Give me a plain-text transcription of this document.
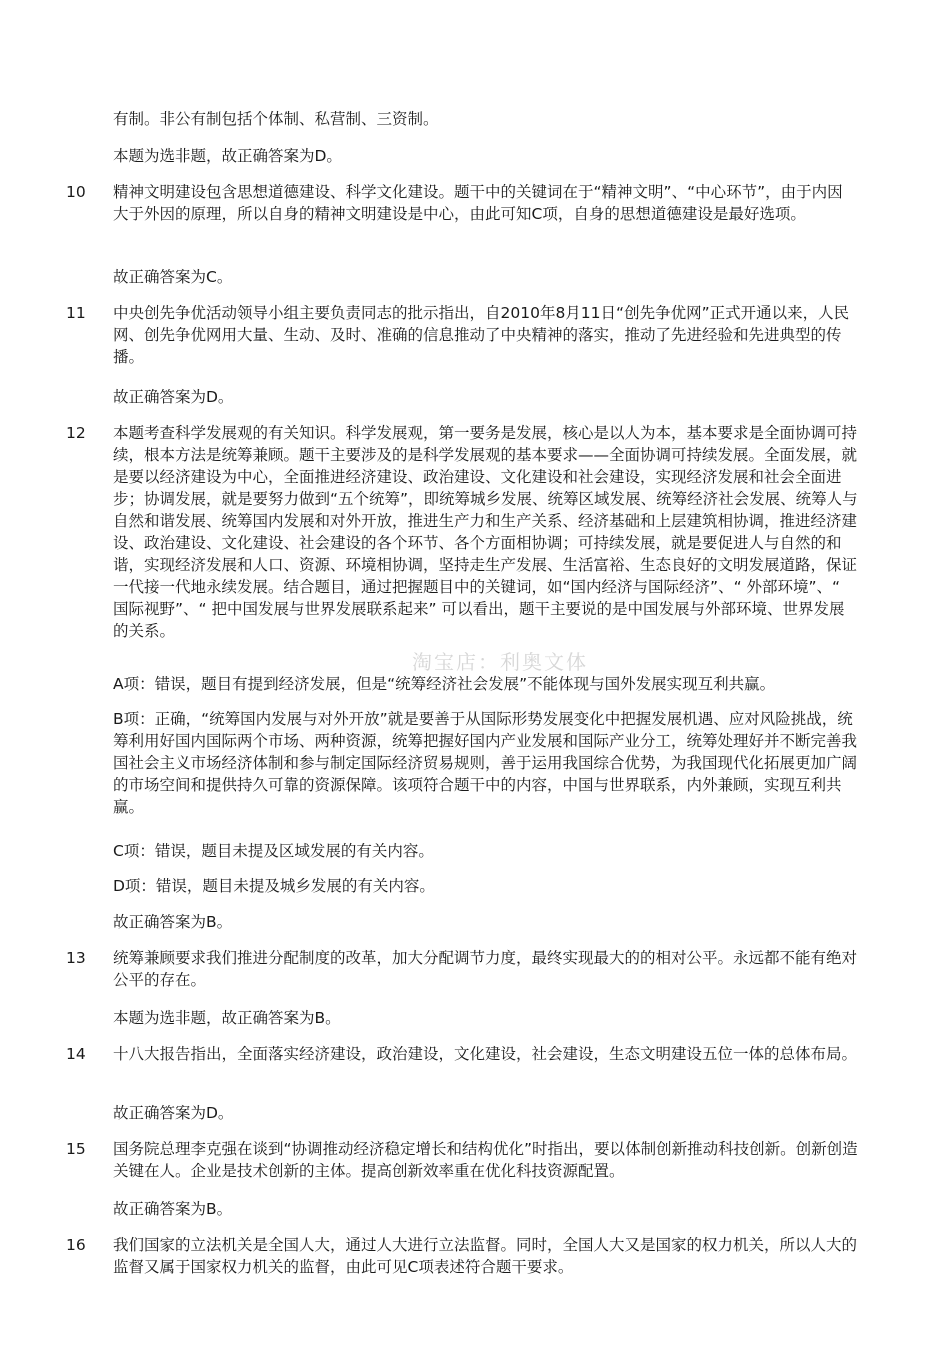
淘宝店：利奥文体

有制。非公有制包括个体制、私营制、三资制。

本题为选非题，故正确答案为D。

10	精神文明建设包含思想道德建设、科学文化建设。题干中的关键词在于“精神文明”、“中心环节”，由于内因大于外因的原理，所以自身的精神文明建设是中心，由此可知C项，自身的思想道德建设是最好选项。

故正确答案为C。

11	中央创先争优活动领导小组主要负责同志的批示指出，自2010年8月11日“创先争优网”正式开通以来，人民网、创先争优网用大量、生动、及时、准确的信息推动了中央精神的落实，推动了先进经验和先进典型的传播。

故正确答案为D。

12	本题考查科学发展观的有关知识。科学发展观，第一要务是发展，核心是以人为本，基本要求是全面协调可持续，根本方法是统筹兼顾。题干主要涉及的是科学发展观的基本要求——全面协调可持续发展。全面发展，就是要以经济建设为中心，全面推进经济建设、政治建设、文化建设和社会建设，实现经济发展和社会全面进步；协调发展，就是要努力做到“五个统筹”，即统筹城乡发展、统筹区域发展、统筹经济社会发展、统筹人与自然和谐发展、统筹国内发展和对外开放，推进生产力和生产关系、经济基础和上层建筑相协调，推进经济建设、政治建设、文化建设、社会建设的各个环节、各个方面相协调；可持续发展，就是要促进人与自然的和谐，实现经济发展和人口、资源、环境相协调，坚持走生产发展、生活富裕、生态良好的文明发展道路，保证一代接一代地永续发展。结合题目，通过把握题目中的关键词，如“国内经济与国际经济”、“ 外部环境”、“ 国际视野”、“ 把中国发展与世界发展联系起来” 可以看出，题干主要说的是中国发展与外部环境、世界发展的关系。

A项：错误，题目有提到经济发展，但是“统筹经济社会发展”不能体现与国外发展实现互利共赢。

B项：正确，“统筹国内发展与对外开放”就是要善于从国际形势发展变化中把握发展机遇、应对风险挑战，统筹利用好国内国际两个市场、两种资源，统筹把握好国内产业发展和国际产业分工，统筹处理好并不断完善我国社会主义市场经济体制和参与制定国际经济贸易规则，善于运用我国综合优势，为我国现代化拓展更加广阔的市场空间和提供持久可靠的资源保障。该项符合题干中的内容，中国与世界联系，内外兼顾，实现互利共赢。

C项：错误，题目未提及区域发展的有关内容。

D项：错误，题目未提及城乡发展的有关内容。

故正确答案为B。

13	统筹兼顾要求我们推进分配制度的改革，加大分配调节力度，最终实现最大的的相对公平。永远都不能有绝对公平的存在。

本题为选非题，故正确答案为B。

14	十八大报告指出，全面落实经济建设，政治建设，文化建设，社会建设，生态文明建设五位一体的总体布局。

故正确答案为D。

15	国务院总理李克强在谈到“协调推动经济稳定增长和结构优化”时指出，要以体制创新推动科技创新。创新创造关键在人。企业是技术创新的主体。提高创新效率重在优化科技资源配置。

故正确答案为B。

16	我们国家的立法机关是全国人大，通过人大进行立法监督。同时，全国人大又是国家的权力机关，所以人大的监督又属于国家权力机关的监督，由此可见C项表述符合题干要求。
